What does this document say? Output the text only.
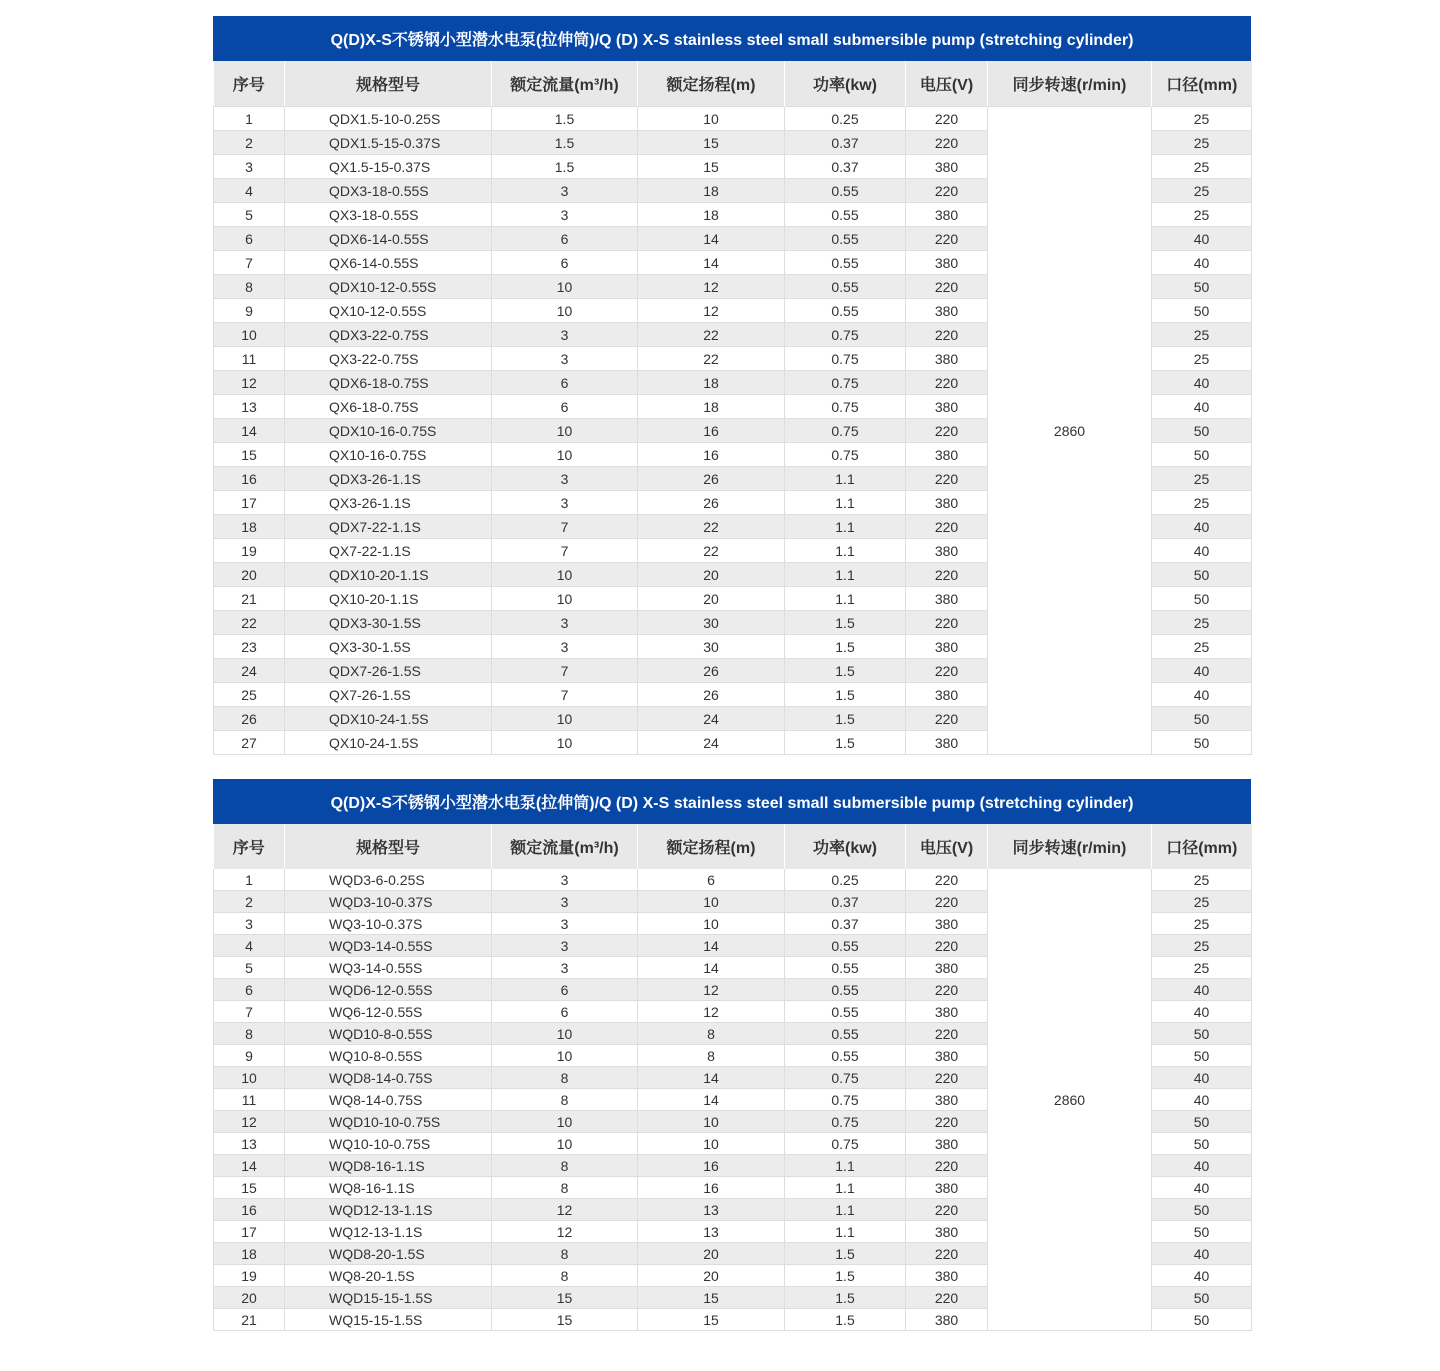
Q(D)X-S不锈钢小型潜水电泵(拉伸筒)/Q (D) X-S stainless steel small submersible pump (stretching cylinder)
序号	规格型号	额定流量(m³/h)	额定扬程(m)	功率(kw)	电压(V)	同步转速(r/min)	口径(mm)
1	QDX1.5-10-0.25S	1.5	10	0.25	220	2860	25
2	QDX1.5-15-0.37S	1.5	15	0.37	220		25
3	QX1.5-15-0.37S	1.5	15	0.37	380		25
4	QDX3-18-0.55S	3	18	0.55	220		25
5	QX3-18-0.55S	3	18	0.55	380		25
6	QDX6-14-0.55S	6	14	0.55	220		40
7	QX6-14-0.55S	6	14	0.55	380		40
8	QDX10-12-0.55S	10	12	0.55	220		50
9	QX10-12-0.55S	10	12	0.55	380		50
10	QDX3-22-0.75S	3	22	0.75	220		25
11	QX3-22-0.75S	3	22	0.75	380		25
12	QDX6-18-0.75S	6	18	0.75	220		40
13	QX6-18-0.75S	6	18	0.75	380		40
14	QDX10-16-0.75S	10	16	0.75	220		50
15	QX10-16-0.75S	10	16	0.75	380		50
16	QDX3-26-1.1S	3	26	1.1	220		25
17	QX3-26-1.1S	3	26	1.1	380		25
18	QDX7-22-1.1S	7	22	1.1	220		40
19	QX7-22-1.1S	7	22	1.1	380		40
20	QDX10-20-1.1S	10	20	1.1	220		50
21	QX10-20-1.1S	10	20	1.1	380		50
22	QDX3-30-1.5S	3	30	1.5	220		25
23	QX3-30-1.5S	3	30	1.5	380		25
24	QDX7-26-1.5S	7	26	1.5	220		40
25	QX7-26-1.5S	7	26	1.5	380		40
26	QDX10-24-1.5S	10	24	1.5	220		50
27	QX10-24-1.5S	10	24	1.5	380		50
Q(D)X-S不锈钢小型潜水电泵(拉伸筒)/Q (D) X-S stainless steel small submersible pump (stretching cylinder)
序号	规格型号	额定流量(m³/h)	额定扬程(m)	功率(kw)	电压(V)	同步转速(r/min)	口径(mm)
1	WQD3-6-0.25S	3	6	0.25	220	2860	25
2	WQD3-10-0.37S	3	10	0.37	220		25
3	WQ3-10-0.37S	3	10	0.37	380		25
4	WQD3-14-0.55S	3	14	0.55	220		25
5	WQ3-14-0.55S	3	14	0.55	380		25
6	WQD6-12-0.55S	6	12	0.55	220		40
7	WQ6-12-0.55S	6	12	0.55	380		40
8	WQD10-8-0.55S	10	8	0.55	220		50
9	WQ10-8-0.55S	10	8	0.55	380		50
10	WQD8-14-0.75S	8	14	0.75	220		40
11	WQ8-14-0.75S	8	14	0.75	380		40
12	WQD10-10-0.75S	10	10	0.75	220		50
13	WQ10-10-0.75S	10	10	0.75	380		50
14	WQD8-16-1.1S	8	16	1.1	220		40
15	WQ8-16-1.1S	8	16	1.1	380		40
16	WQD12-13-1.1S	12	13	1.1	220		50
17	WQ12-13-1.1S	12	13	1.1	380		50
18	WQD8-20-1.5S	8	20	1.5	220		40
19	WQ8-20-1.5S	8	20	1.5	380		40
20	WQD15-15-1.5S	15	15	1.5	220		50
21	WQ15-15-1.5S	15	15	1.5	380		50
